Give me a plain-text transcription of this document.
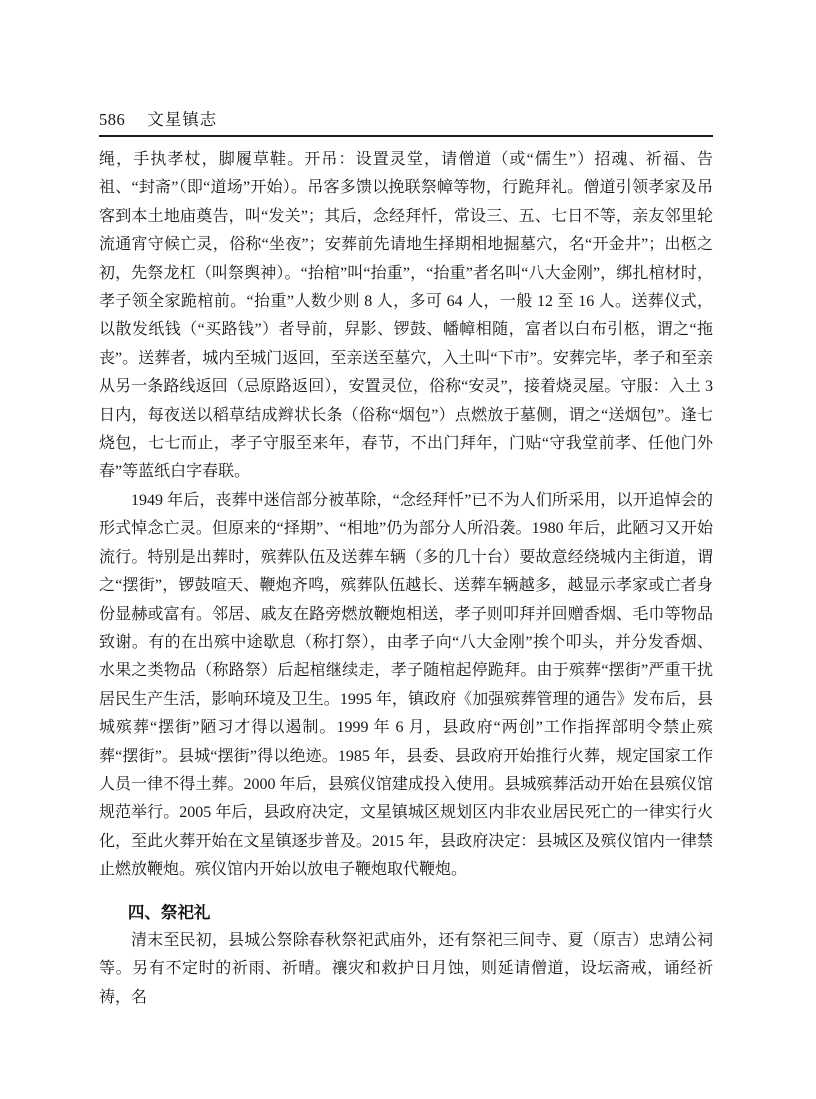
586 文星镇志

绳，手执孝杖，脚履草鞋。开吊：设置灵堂，请僧道（或“儒生”）招魂、祈福、告祖、“封斋”（即“道场”开始）。吊客多馈以挽联祭幛等物，行跪拜礼。僧道引领孝家及吊客到本土地庙奠告，叫“发关”；其后，念经拜忏，常设三、五、七日不等，亲友邻里轮流通宵守候亡灵，俗称“坐夜”；安葬前先请地生择期相地掘墓穴，名“开金井”；出柩之初，先祭龙杠（叫祭舆神）。“抬棺”叫“抬重”，“抬重”者名叫“八大金刚”，绑扎棺材时，孝子领全家跪棺前。“抬重”人数少则 8 人，多可 64 人，一般 12 至 16 人。送葬仪式，以散发纸钱（“买路钱”）者导前，舁影、锣鼓、幡幛相随，富者以白布引柩，谓之“拖丧”。送葬者，城内至城门返回，至亲送至墓穴，入土叫“下市”。安葬完毕，孝子和至亲从另一条路线返回（忌原路返回），安置灵位，俗称“安灵”，接着烧灵屋。守服：入土 3 日内，每夜送以稻草结成辫状长条（俗称“烟包”）点燃放于墓侧，谓之“送烟包”。逢七烧包，七七而止，孝子守服至来年，春节，不出门拜年，门贴“守我堂前孝、任他门外春”等蓝纸白字春联。

1949 年后，丧葬中迷信部分被革除，“念经拜忏”已不为人们所采用，以开追悼会的形式悼念亡灵。但原来的“择期”、“相地”仍为部分人所沿袭。1980 年后，此陋习又开始流行。特别是出葬时，殡葬队伍及送葬车辆（多的几十台）要故意经绕城内主街道，谓之“摆街”，锣鼓喧天、鞭炮齐鸣，殡葬队伍越长、送葬车辆越多，越显示孝家或亡者身份显赫或富有。邻居、戚友在路旁燃放鞭炮相送，孝子则叩拜并回赠香烟、毛巾等物品致谢。有的在出殡中途歇息（称打祭），由孝子向“八大金刚”挨个叩头，并分发香烟、水果之类物品（称路祭）后起棺继续走，孝子随棺起停跪拜。由于殡葬“摆街”严重干扰居民生产生活，影响环境及卫生。1995 年，镇政府《加强殡葬管理的通告》发布后，县城殡葬“摆街”陋习才得以遏制。1999 年 6 月，县政府“两创”工作指挥部明令禁止殡葬“摆街”。县城“摆街”得以绝迹。1985 年，县委、县政府开始推行火葬，规定国家工作人员一律不得土葬。2000 年后，县殡仪馆建成投入使用。县城殡葬活动开始在县殡仪馆规范举行。2005 年后，县政府决定，文星镇城区规划区内非农业居民死亡的一律实行火化，至此火葬开始在文星镇逐步普及。2015 年，县政府决定：县城区及殡仪馆内一律禁止燃放鞭炮。殡仪馆内开始以放电子鞭炮取代鞭炮。

四、祭祀礼

清末至民初，县城公祭除春秋祭祀武庙外，还有祭祀三间寺、夏（原吉）忠靖公祠等。另有不定时的祈雨、祈晴。禳灾和救护日月蚀，则延请僧道，设坛斋戒，诵经祈祷，名
